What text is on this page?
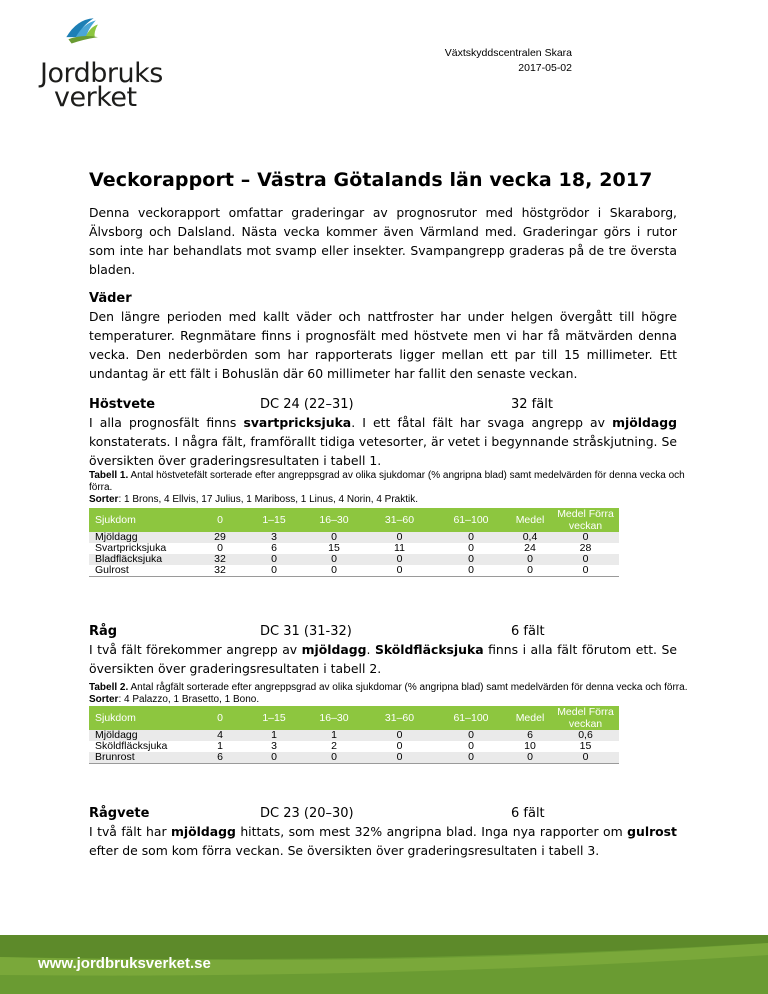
Jordbruks
verket
Växtskyddscentralen Skara
2017-05-02
Veckorapport – Västra Götalands län vecka 18, 2017

Denna veckorapport omfattar graderingar av prognosrutor med höstgrödor i Skaraborg, Älvsborg och Dalsland. Nästa vecka kommer även Värmland med. Graderingar görs i rutor som inte har behandlats mot svamp eller insekter. Svampangrepp graderas på de tre översta bladen.

Väder

Den längre perioden med kallt väder och nattfroster har under helgen övergått till högre temperaturer. Regnmätare finns i prognosfält med höstvete men vi har få mätvärden denna vecka. Den nederbörden som har rapporterats ligger mellan ett par till 15 millimeter. Ett undantag är ett fält i Bohuslän där 60 millimeter har fallit den senaste veckan.

Höstvete	DC 24 (22–31)	32 fält

I alla prognosfält finns svartpricksjuka. I ett fåtal fält har svaga angrepp av mjöldagg konstaterats. I några fält, framförallt tidiga vetesorter, är vetet i begynnande stråskjutning. Se översikten över graderingsresultaten i tabell 1.

Tabell 1. Antal höstvetefält sorterade efter angreppsgrad av olika sjukdomar (% angripna blad) samt medelvärden för denna vecka och förra.
Sorter: 1 Brons, 4 Ellvis, 17 Julius, 1 Mariboss, 1 Linus, 4 Norin, 4 Praktik.

Sjukdom	0	1–15	16–30	31–60	61–100	Medel	Medel Förra veckan
Mjöldagg	29	3	0	0	0	0,4	0
Svartpricksjuka	0	6	15	11	0	24	28
Bladfläcksjuka	32	0	0	0	0	0	0
Gulrost	32	0	0	0	0	0	0

Råg	DC 31 (31-32)	6 fält

I två fält förekommer angrepp av mjöldagg. Sköldfläcksjuka finns i alla fält förutom ett. Se översikten över graderingsresultaten i tabell 2.

Tabell 2. Antal rågfält sorterade efter angreppsgrad av olika sjukdomar (% angripna blad) samt medelvärden för denna vecka och förra. Sorter: 4 Palazzo, 1 Brasetto, 1 Bono.

Sjukdom	0	1–15	16–30	31–60	61–100	Medel	Medel Förra veckan
Mjöldagg	4	1	1	0	0	6	0,6
Sköldfläcksjuka	1	3	2	0	0	10	15
Brunrost	6	0	0	0	0	0	0

Rågvete	DC 23 (20–30)	6 fält

I två fält har mjöldagg hittats, som mest 32% angripna blad. Inga nya rapporter om gulrost efter de som kom förra veckan. Se översikten över graderingsresultaten i tabell 3.

www.jordbruksverket.se
